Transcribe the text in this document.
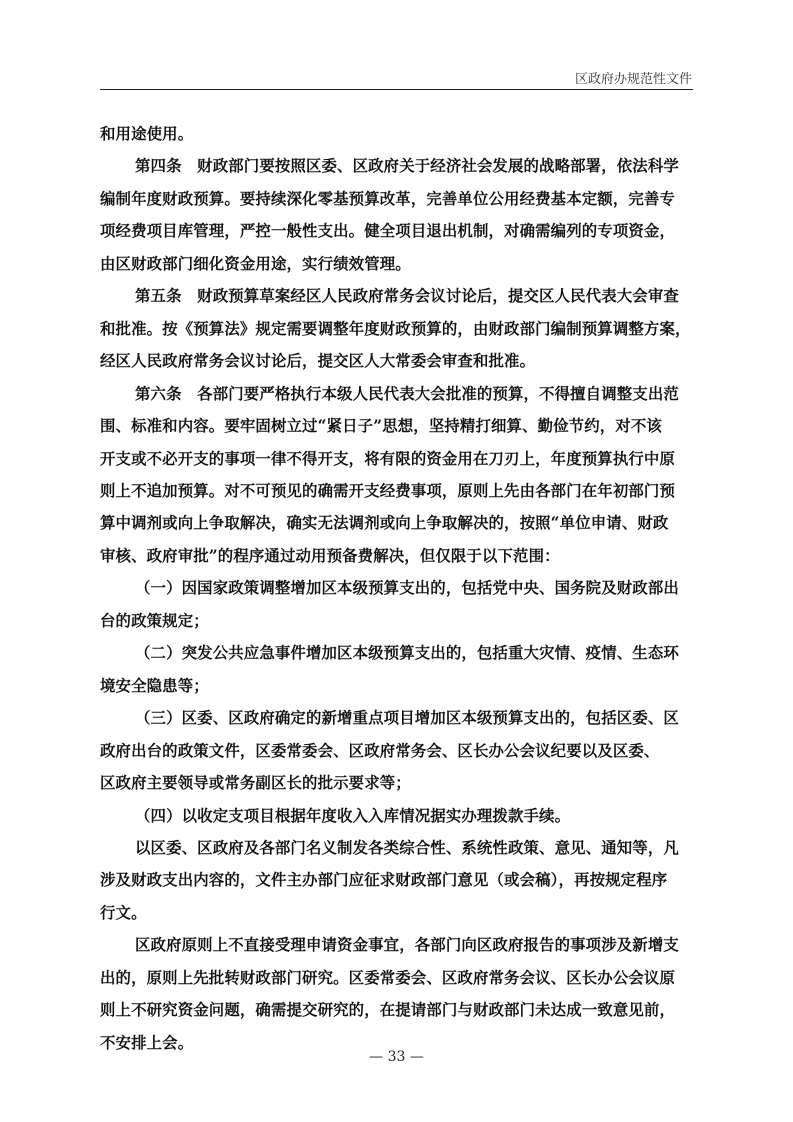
区政府办规范性文件

和用途使用。

第四条　财政部门要按照区委、区政府关于经济社会发展的战略部署，依法科学
编制年度财政预算。要持续深化零基预算改革，完善单位公用经费基本定额，完善专
项经费项目库管理，严控一般性支出。健全项目退出机制，对确需编列的专项资金，
由区财政部门细化资金用途，实行绩效管理。

第五条　财政预算草案经区人民政府常务会议讨论后，提交区人民代表大会审查
和批准。按《预算法》规定需要调整年度财政预算的，由财政部门编制预算调整方案，
经区人民政府常务会议讨论后，提交区人大常委会审查和批准。

第六条　各部门要严格执行本级人民代表大会批准的预算，不得擅自调整支出范
围、标准和内容。要牢固树立过“紧日子”思想，坚持精打细算、勤俭节约，对不该
开支或不必开支的事项一律不得开支，将有限的资金用在刀刃上，年度预算执行中原
则上不追加预算。对不可预见的确需开支经费事项，原则上先由各部门在年初部门预
算中调剂或向上争取解决，确实无法调剂或向上争取解决的，按照“单位申请、财政
审核、政府审批”的程序通过动用预备费解决，但仅限于以下范围：

（一）因国家政策调整增加区本级预算支出的，包括党中央、国务院及财政部出
台的政策规定；

（二）突发公共应急事件增加区本级预算支出的，包括重大灾情、疫情、生态环
境安全隐患等；

（三）区委、区政府确定的新增重点项目增加区本级预算支出的，包括区委、区
政府出台的政策文件，区委常委会、区政府常务会、区长办公会议纪要以及区委、
区政府主要领导或常务副区长的批示要求等；

（四）以收定支项目根据年度收入入库情况据实办理拨款手续。

以区委、区政府及各部门名义制发各类综合性、系统性政策、意见、通知等，凡
涉及财政支出内容的，文件主办部门应征求财政部门意见（或会稿），再按规定程序
行文。

区政府原则上不直接受理申请资金事宜，各部门向区政府报告的事项涉及新增支
出的，原则上先批转财政部门研究。区委常委会、区政府常务会议、区长办公会议原
则上不研究资金问题，确需提交研究的，在提请部门与财政部门未达成一致意见前，
不安排上会。

— 33 —
